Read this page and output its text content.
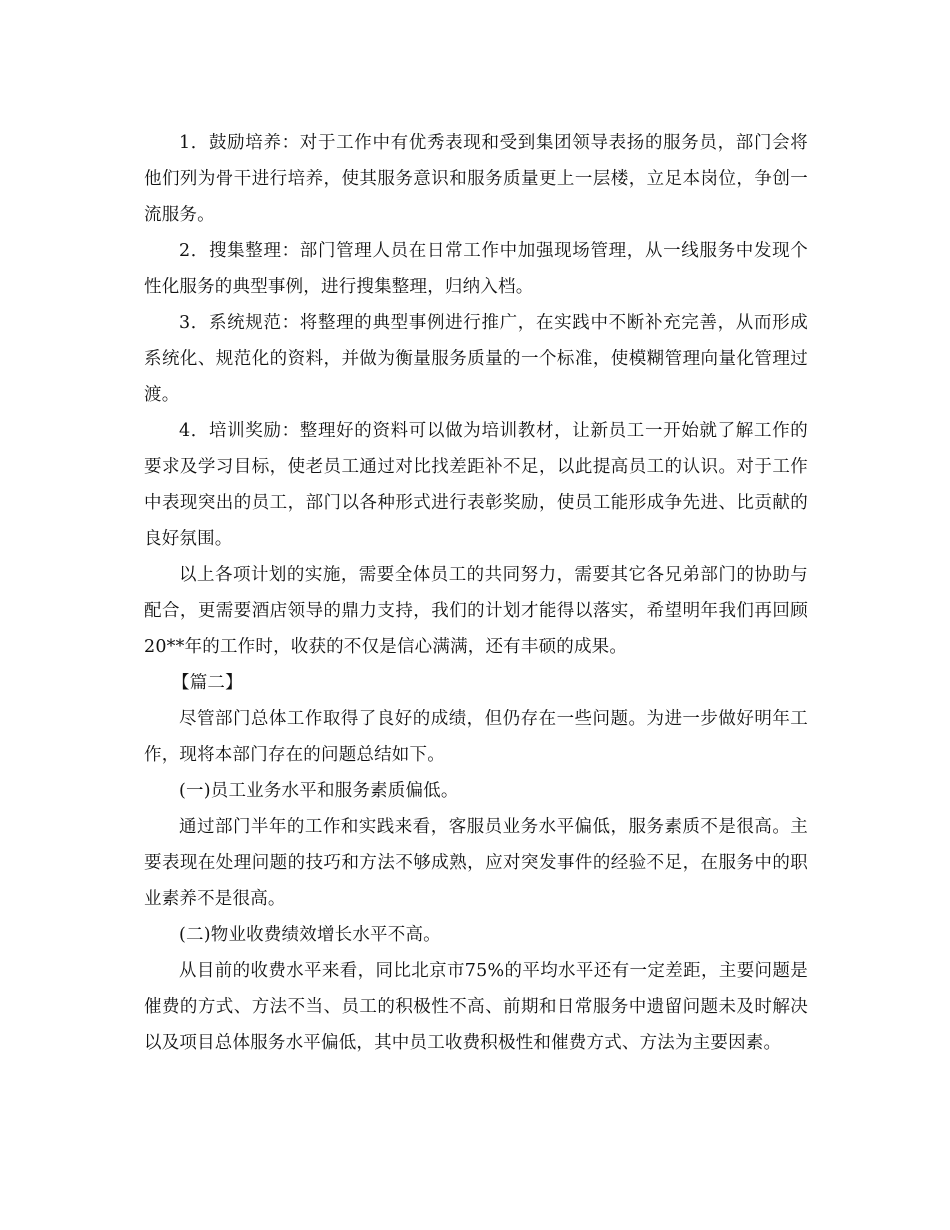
1．鼓励培养：对于工作中有优秀表现和受到集团领导表扬的服务员，部门会将他们列为骨干进行培养，使其服务意识和服务质量更上一层楼，立足本岗位，争创一流服务。

2．搜集整理：部门管理人员在日常工作中加强现场管理，从一线服务中发现个性化服务的典型事例，进行搜集整理，归纳入档。

3．系统规范：将整理的典型事例进行推广，在实践中不断补充完善，从而形成系统化、规范化的资料，并做为衡量服务质量的一个标准，使模糊管理向量化管理过渡。

4．培训奖励：整理好的资料可以做为培训教材，让新员工一开始就了解工作的要求及学习目标，使老员工通过对比找差距补不足，以此提高员工的认识。对于工作中表现突出的员工，部门以各种形式进行表彰奖励，使员工能形成争先进、比贡献的良好氛围。

以上各项计划的实施，需要全体员工的共同努力，需要其它各兄弟部门的协助与配合，更需要酒店领导的鼎力支持，我们的计划才能得以落实，希望明年我们再回顾20**年的工作时，收获的不仅是信心满满，还有丰硕的成果。

【篇二】

尽管部门总体工作取得了良好的成绩，但仍存在一些问题。为进一步做好明年工作，现将本部门存在的问题总结如下。

(一)员工业务水平和服务素质偏低。

通过部门半年的工作和实践来看，客服员业务水平偏低，服务素质不是很高。主要表现在处理问题的技巧和方法不够成熟，应对突发事件的经验不足，在服务中的职业素养不是很高。

(二)物业收费绩效增长水平不高。

从目前的收费水平来看，同比北京市75%的平均水平还有一定差距，主要问题是催费的方式、方法不当、员工的积极性不高、前期和日常服务中遗留问题未及时解决以及项目总体服务水平偏低，其中员工收费积极性和催费方式、方法为主要因素。
